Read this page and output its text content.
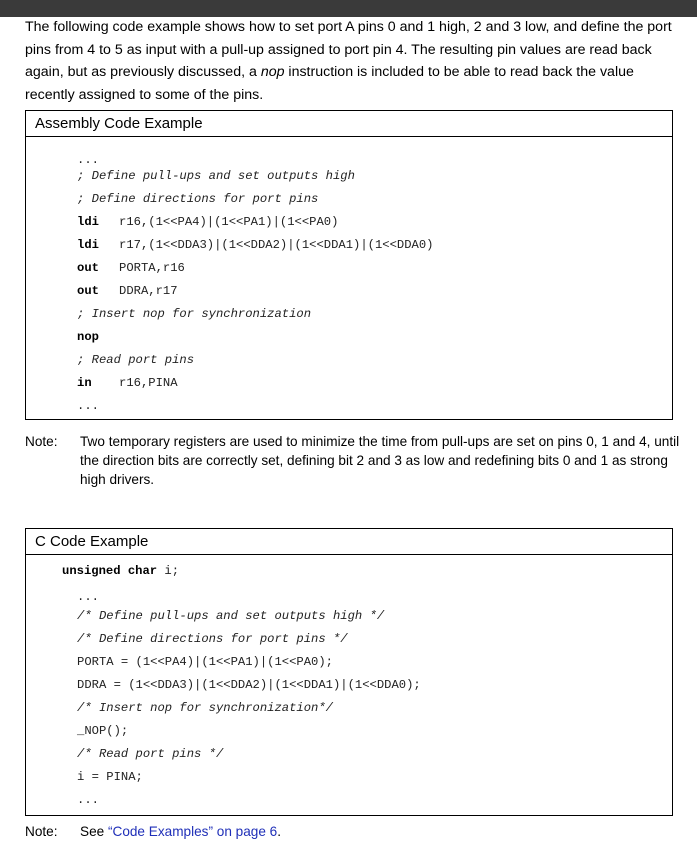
The following code example shows how to set port A pins 0 and 1 high, 2 and 3 low, and define the port pins from 4 to 5 as input with a pull-up assigned to port pin 4. The resulting pin values are read back again, but as previously discussed, a nop instruction is included to be able to read back the value recently assigned to some of the pins.

Assembly Code Example
...
; Define pull-ups and set outputs high
; Define directions for port pins
ldi r16,(1<<PA4)|(1<<PA1)|(1<<PA0)
ldi r17,(1<<DDA3)|(1<<DDA2)|(1<<DDA1)|(1<<DDA0)
out PORTA,r16
out DDRA,r17
; Insert nop for synchronization
nop
; Read port pins
in r16,PINA
...
Note: Two temporary registers are used to minimize the time from pull-ups are set on pins 0, 1 and 4, until the direction bits are correctly set, defining bit 2 and 3 as low and redefining bits 0 and 1 as strong high drivers.
C Code Example
unsigned char i;
...
/* Define pull-ups and set outputs high */
/* Define directions for port pins */
PORTA = (1<<PA4)|(1<<PA1)|(1<<PA0);
DDRA = (1<<DDA3)|(1<<DDA2)|(1<<DDA1)|(1<<DDA0);
/* Insert nop for synchronization*/
_NOP();
/* Read port pins */
i = PINA;
...
Note: See “Code Examples” on page 6.
